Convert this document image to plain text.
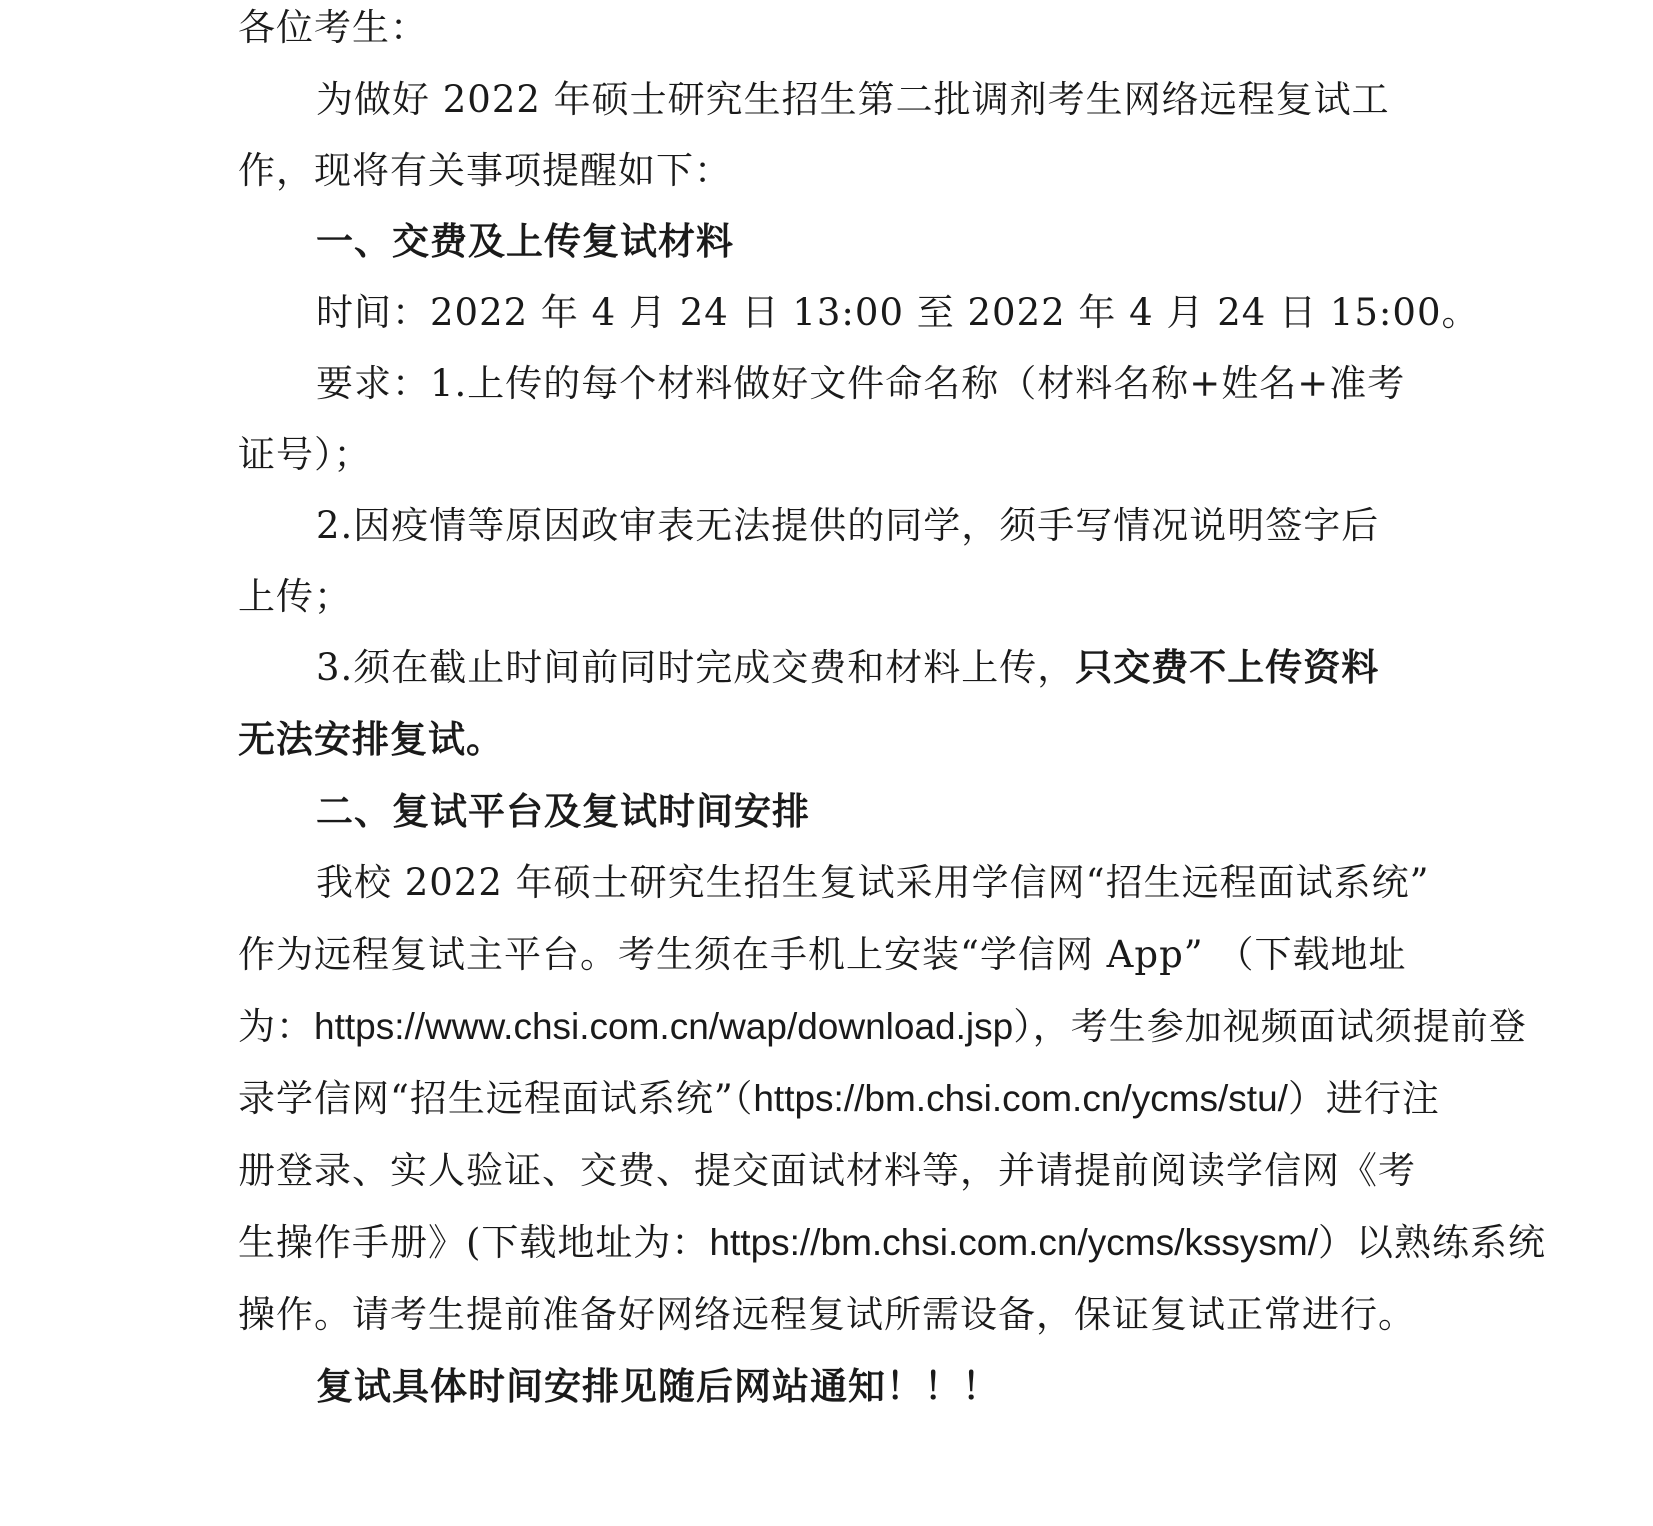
各位考生：
为做好 2022 年硕士研究生招生第二批调剂考生网络远程复试工
作，现将有关事项提醒如下：
一、交费及上传复试材料
时间：2022 年 4 月 24 日 13:00 至 2022 年 4 月 24 日 15:00。
要求：1.上传的每个材料做好文件命名称（材料名称+姓名+准考
证号）；
2.因疫情等原因政审表无法提供的同学，须手写情况说明签字后
上传；
3.须在截止时间前同时完成交费和材料上传，只交费不上传资料
无法安排复试。
二、复试平台及复试时间安排
我校 2022 年硕士研究生招生复试采用学信网“招生远程面试系统”
作为远程复试主平台。考生须在手机上安装“学信网 App” （下载地址
为：https://www.chsi.com.cn/wap/download.jsp），考生参加视频面试须提前登
录学信网“招生远程面试系统”（https://bm.chsi.com.cn/ycms/stu/）进行注
册登录、实人验证、交费、提交面试材料等，并请提前阅读学信网《考
生操作手册》(下载地址为：https://bm.chsi.com.cn/ycms/kssysm/）以熟练系统
操作。请考生提前准备好网络远程复试所需设备，保证复试正常进行。
复试具体时间安排见随后网站通知！！！
